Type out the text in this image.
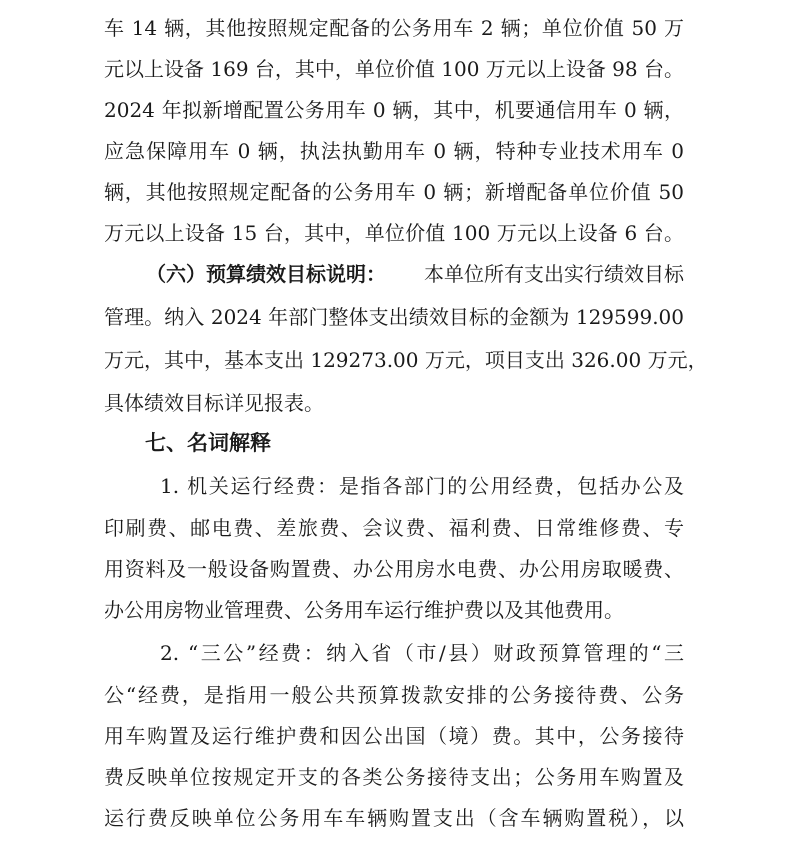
车 14 辆，其他按照规定配备的公务用车 2 辆；单位价值 50 万
元以上设备 169 台，其中，单位价值 100 万元以上设备 98 台。
2024 年拟新增配置公务用车 0 辆，其中，机要通信用车 0 辆，
应急保障用车 0 辆，执法执勤用车 0 辆，特种专业技术用车 0
辆，其他按照规定配备的公务用车 0 辆；新增配备单位价值 50
万元以上设备 15 台，其中，单位价值 100 万元以上设备 6 台。
（六）预算绩效目标说明： 本单位所有支出实行绩效目标
管理。纳入 2024 年部门整体支出绩效目标的金额为 129599.00
万元，其中，基本支出 129273.00 万元，项目支出 326.00 万元，
具体绩效目标详见报表。
七、名词解释
1. 机关运行经费：是指各部门的公用经费，包括办公及
印刷费、邮电费、差旅费、会议费、福利费、日常维修费、专
用资料及一般设备购置费、办公用房水电费、办公用房取暖费、
办公用房物业管理费、公务用车运行维护费以及其他费用。
2. “三公”经费：纳入省（市/县）财政预算管理的“三
公“经费，是指用一般公共预算拨款安排的公务接待费、公务
用车购置及运行维护费和因公出国（境）费。其中，公务接待
费反映单位按规定开支的各类公务接待支出；公务用车购置及
运行费反映单位公务用车车辆购置支出（含车辆购置税），以
